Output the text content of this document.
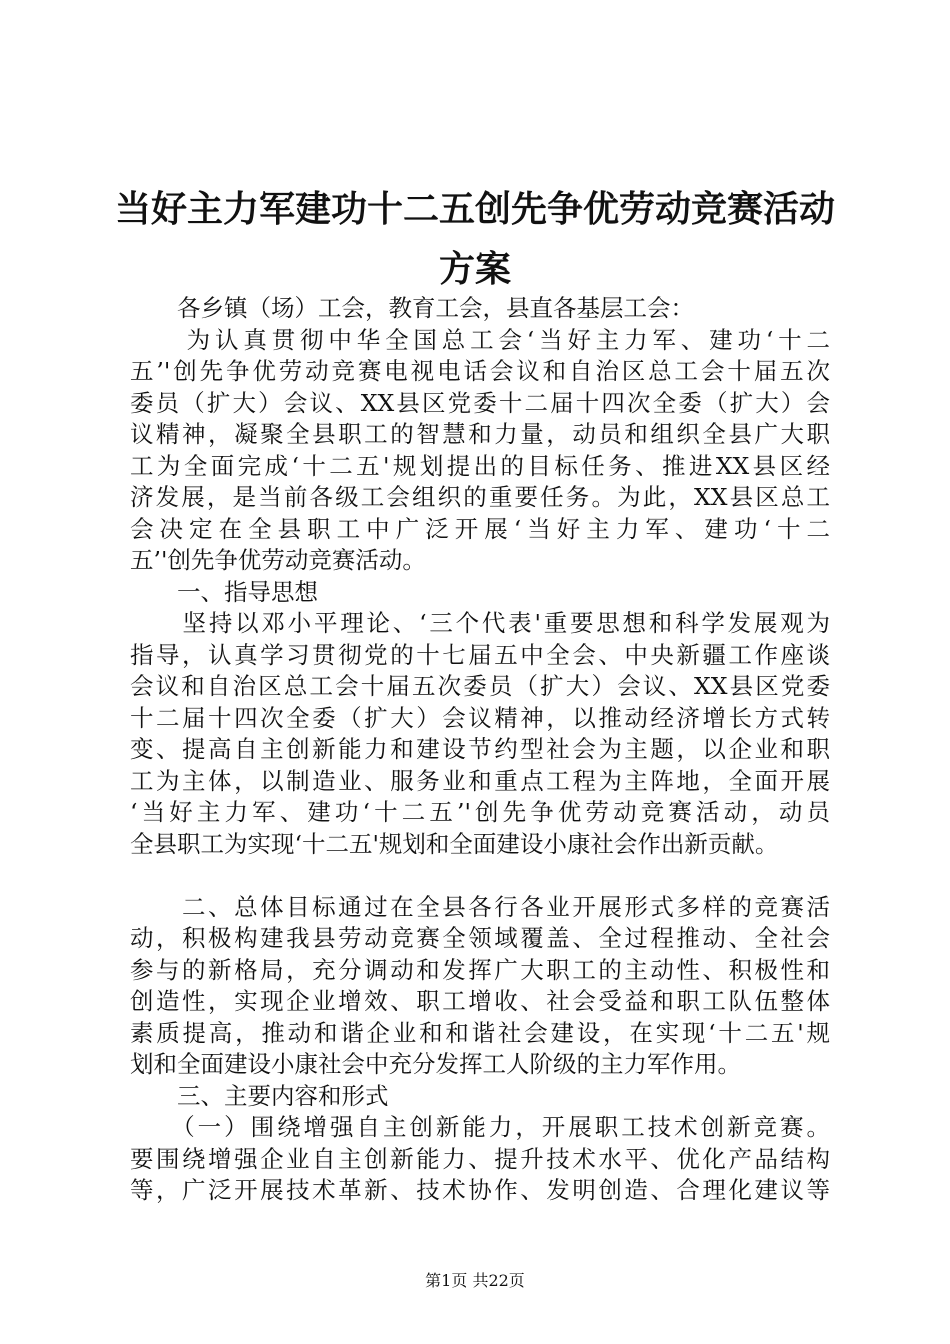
当好主力军建功十二五创先争优劳动竞赛活动
方案
　　各乡镇（场）工会，教育工会，县直各基层工会：
　　为认真贯彻中华全国总工会‘当好主力军、建功‘十二
五’'创先争优劳动竞赛电视电话会议和自治区总工会十届五次
委员（扩大）会议、XX县区党委十二届十四次全委（扩大）会
议精神，凝聚全县职工的智慧和力量，动员和组织全县广大职
工为全面完成‘十二五'规划提出的目标任务、推进XX县区经
济发展，是当前各级工会组织的重要任务。为此，XX县区总工
会决定在全县职工中广泛开展‘当好主力军、建功‘十二
五’'创先争优劳动竞赛活动。
　　一、指导思想
　　坚持以邓小平理论、‘三个代表'重要思想和科学发展观为
指导，认真学习贯彻党的十七届五中全会、中央新疆工作座谈
会议和自治区总工会十届五次委员（扩大）会议、XX县区党委
十二届十四次全委（扩大）会议精神，以推动经济增长方式转
变、提高自主创新能力和建设节约型社会为主题，以企业和职
工为主体，以制造业、服务业和重点工程为主阵地，全面开展
‘当好主力军、建功‘十二五’'创先争优劳动竞赛活动，动员
全县职工为实现‘十二五'规划和全面建设小康社会作出新贡献。
　　二、总体目标通过在全县各行各业开展形式多样的竞赛活
动，积极构建我县劳动竞赛全领域覆盖、全过程推动、全社会
参与的新格局，充分调动和发挥广大职工的主动性、积极性和
创造性，实现企业增效、职工增收、社会受益和职工队伍整体
素质提高，推动和谐企业和和谐社会建设，在实现‘十二五'规
划和全面建设小康社会中充分发挥工人阶级的主力军作用。
　　三、主要内容和形式
　　（一）围绕增强自主创新能力，开展职工技术创新竞赛。
要围绕增强企业自主创新能力、提升技术水平、优化产品结构
等，广泛开展技术革新、技术协作、发明创造、合理化建议等
第1页 共22页
